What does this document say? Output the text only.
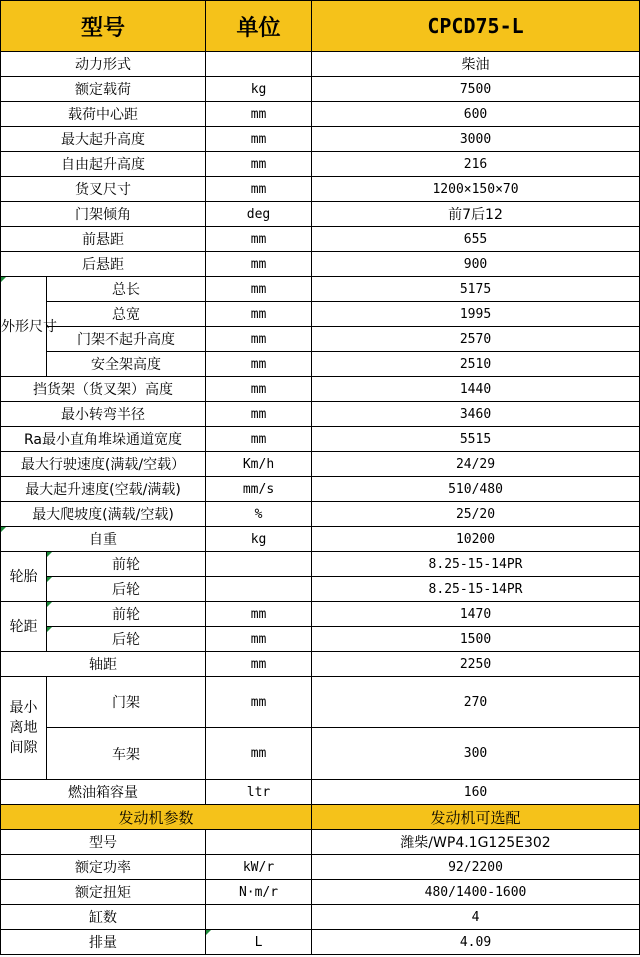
型号		单位	CPCD75-L
动力形式			柴油
额定载荷		kg	7500
载荷中心距		mm	600
最大起升高度		mm	3000
自由起升高度		mm	216
货叉尺寸		mm	1200×150×70
门架倾角		deg	前7后12
前悬距		mm	655
后悬距		mm	900
外形尺寸	总长	mm	5175
	总宽	mm	1995
	门架不起升高度	mm	2570
	安全架高度	mm	2510
挡货架（货叉架）高度		mm	1440
最小转弯半径		mm	3460
Ra最小直角堆垛通道宽度		mm	5515
最大行驶速度(满载/空载）		Km/h	24/29
最大起升速度(空载/满载)		mm/s	510/480
最大爬坡度(满载/空载)		%	25/20
自重		kg	10200
轮胎	前轮		8.25-15-14PR
	后轮		8.25-15-14PR
轮距	前轮	mm	1470
	后轮	mm	1500
轴距		mm	2250
最小离地间隙	门架	mm	270
	车架	mm	300
燃油箱容量		ltr	160
发动机参数			发动机可选配
型号			潍柴/WP4.1G125E302
额定功率		kW/r	92/2200
额定扭矩		N·m/r	480/1400-1600
缸数			4
排量		L	4.09
